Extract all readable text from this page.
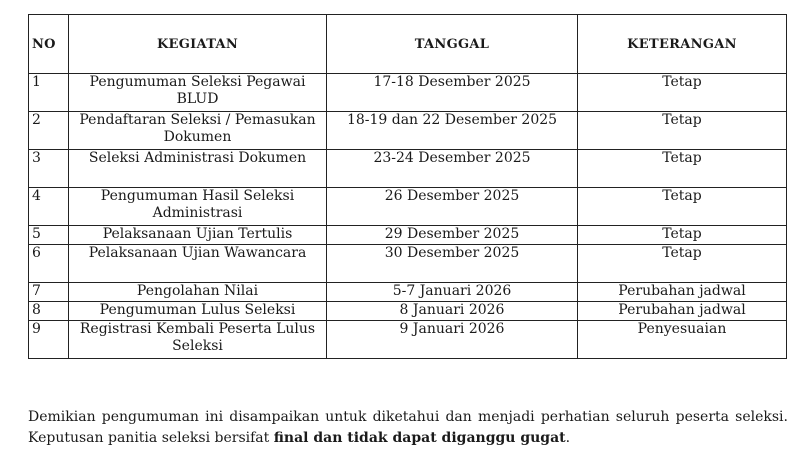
NO	KEGIATAN	TANGGAL	KETERANGAN
1	Pengumuman Seleksi Pegawai BLUD	17-18 Desember 2025	Tetap
2	Pendaftaran Seleksi / Pemasukan Dokumen	18-19 dan 22 Desember 2025	Tetap
3	Seleksi Administrasi Dokumen	23-24 Desember 2025	Tetap
4	Pengumuman Hasil Seleksi Administrasi	26 Desember 2025	Tetap
5	Pelaksanaan Ujian Tertulis	29 Desember 2025	Tetap
6	Pelaksanaan Ujian Wawancara	30 Desember 2025	Tetap
7	Pengolahan Nilai	5-7 Januari 2026	Perubahan jadwal
8	Pengumuman Lulus Seleksi	8 Januari 2026	Perubahan jadwal
9	Registrasi Kembali Peserta Lulus Seleksi	9 Januari 2026	Penyesuaian

Demikian pengumuman ini disampaikan untuk diketahui dan menjadi perhatian seluruh peserta seleksi. Keputusan panitia seleksi bersifat final dan tidak dapat diganggu gugat.
